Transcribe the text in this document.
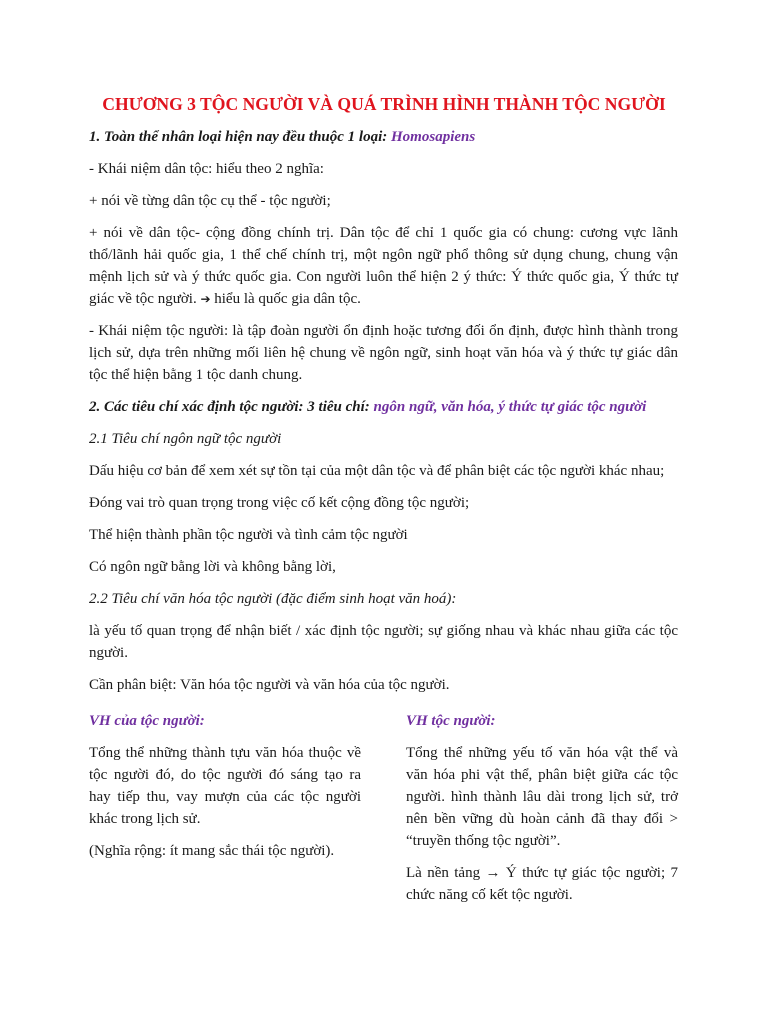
CHƯƠNG 3 TỘC NGƯỜI VÀ QUÁ TRÌNH HÌNH THÀNH TỘC NGƯỜI

1. Toàn thể nhân loại hiện nay đều thuộc 1 loại: Homosapiens

- Khái niệm dân tộc: hiểu theo 2 nghĩa:

+ nói về từng dân tộc cụ thể - tộc người;

+ nói về dân tộc- cộng đồng chính trị. Dân tộc để chỉ 1 quốc gia có chung: cương vực lãnh thổ/lãnh hải quốc gia, 1 thể chế chính trị, một ngôn ngữ phổ thông sử dụng chung, chung vận mệnh lịch sử và ý thức quốc gia. Con người luôn thể hiện 2 ý thức: Ý thức quốc gia, Ý thức tự giác về tộc người. ➔ hiểu là quốc gia dân tộc.

- Khái niệm tộc người: là tập đoàn người ổn định hoặc tương đối ổn định, được hình thành trong lịch sử, dựa trên những mối liên hệ chung về ngôn ngữ, sinh hoạt văn hóa và ý thức tự giác dân tộc thể hiện bằng 1 tộc danh chung.

2. Các tiêu chí xác định tộc người: 3 tiêu chí: ngôn ngữ, văn hóa, ý thức tự giác tộc người

2.1 Tiêu chí ngôn ngữ tộc người

Dấu hiệu cơ bản để xem xét sự tồn tại của một dân tộc và để phân biệt các tộc người khác nhau;

Đóng vai trò quan trọng trong việc cố kết cộng đồng tộc người;

Thể hiện thành phần tộc người và tình cảm tộc người

Có ngôn ngữ bằng lời và không bằng lời,

2.2 Tiêu chí văn hóa tộc người (đặc điểm sinh hoạt văn hoá):

là yếu tố quan trọng để nhận biết / xác định tộc người; sự giống nhau và khác nhau giữa các tộc người.

Cần phân biệt: Văn hóa tộc người và văn hóa của tộc người.

VH của tộc người:

Tổng thể những thành tựu văn hóa thuộc về tộc người đó, do tộc người đó sáng tạo ra hay tiếp thu, vay mượn của các tộc người khác trong lịch sử.

(Nghĩa rộng: ít mang sắc thái tộc người).

VH tộc người:

Tổng thể những yếu tố văn hóa vật thể và văn hóa phi vật thể, phân biệt giữa các tộc người. hình thành lâu dài trong lịch sử, trở nên bền vững dù hoàn cảnh đã thay đổi > “truyền thống tộc người”.

Là nền tảng → Ý thức tự giác tộc người; 7 chức năng cố kết tộc người.
